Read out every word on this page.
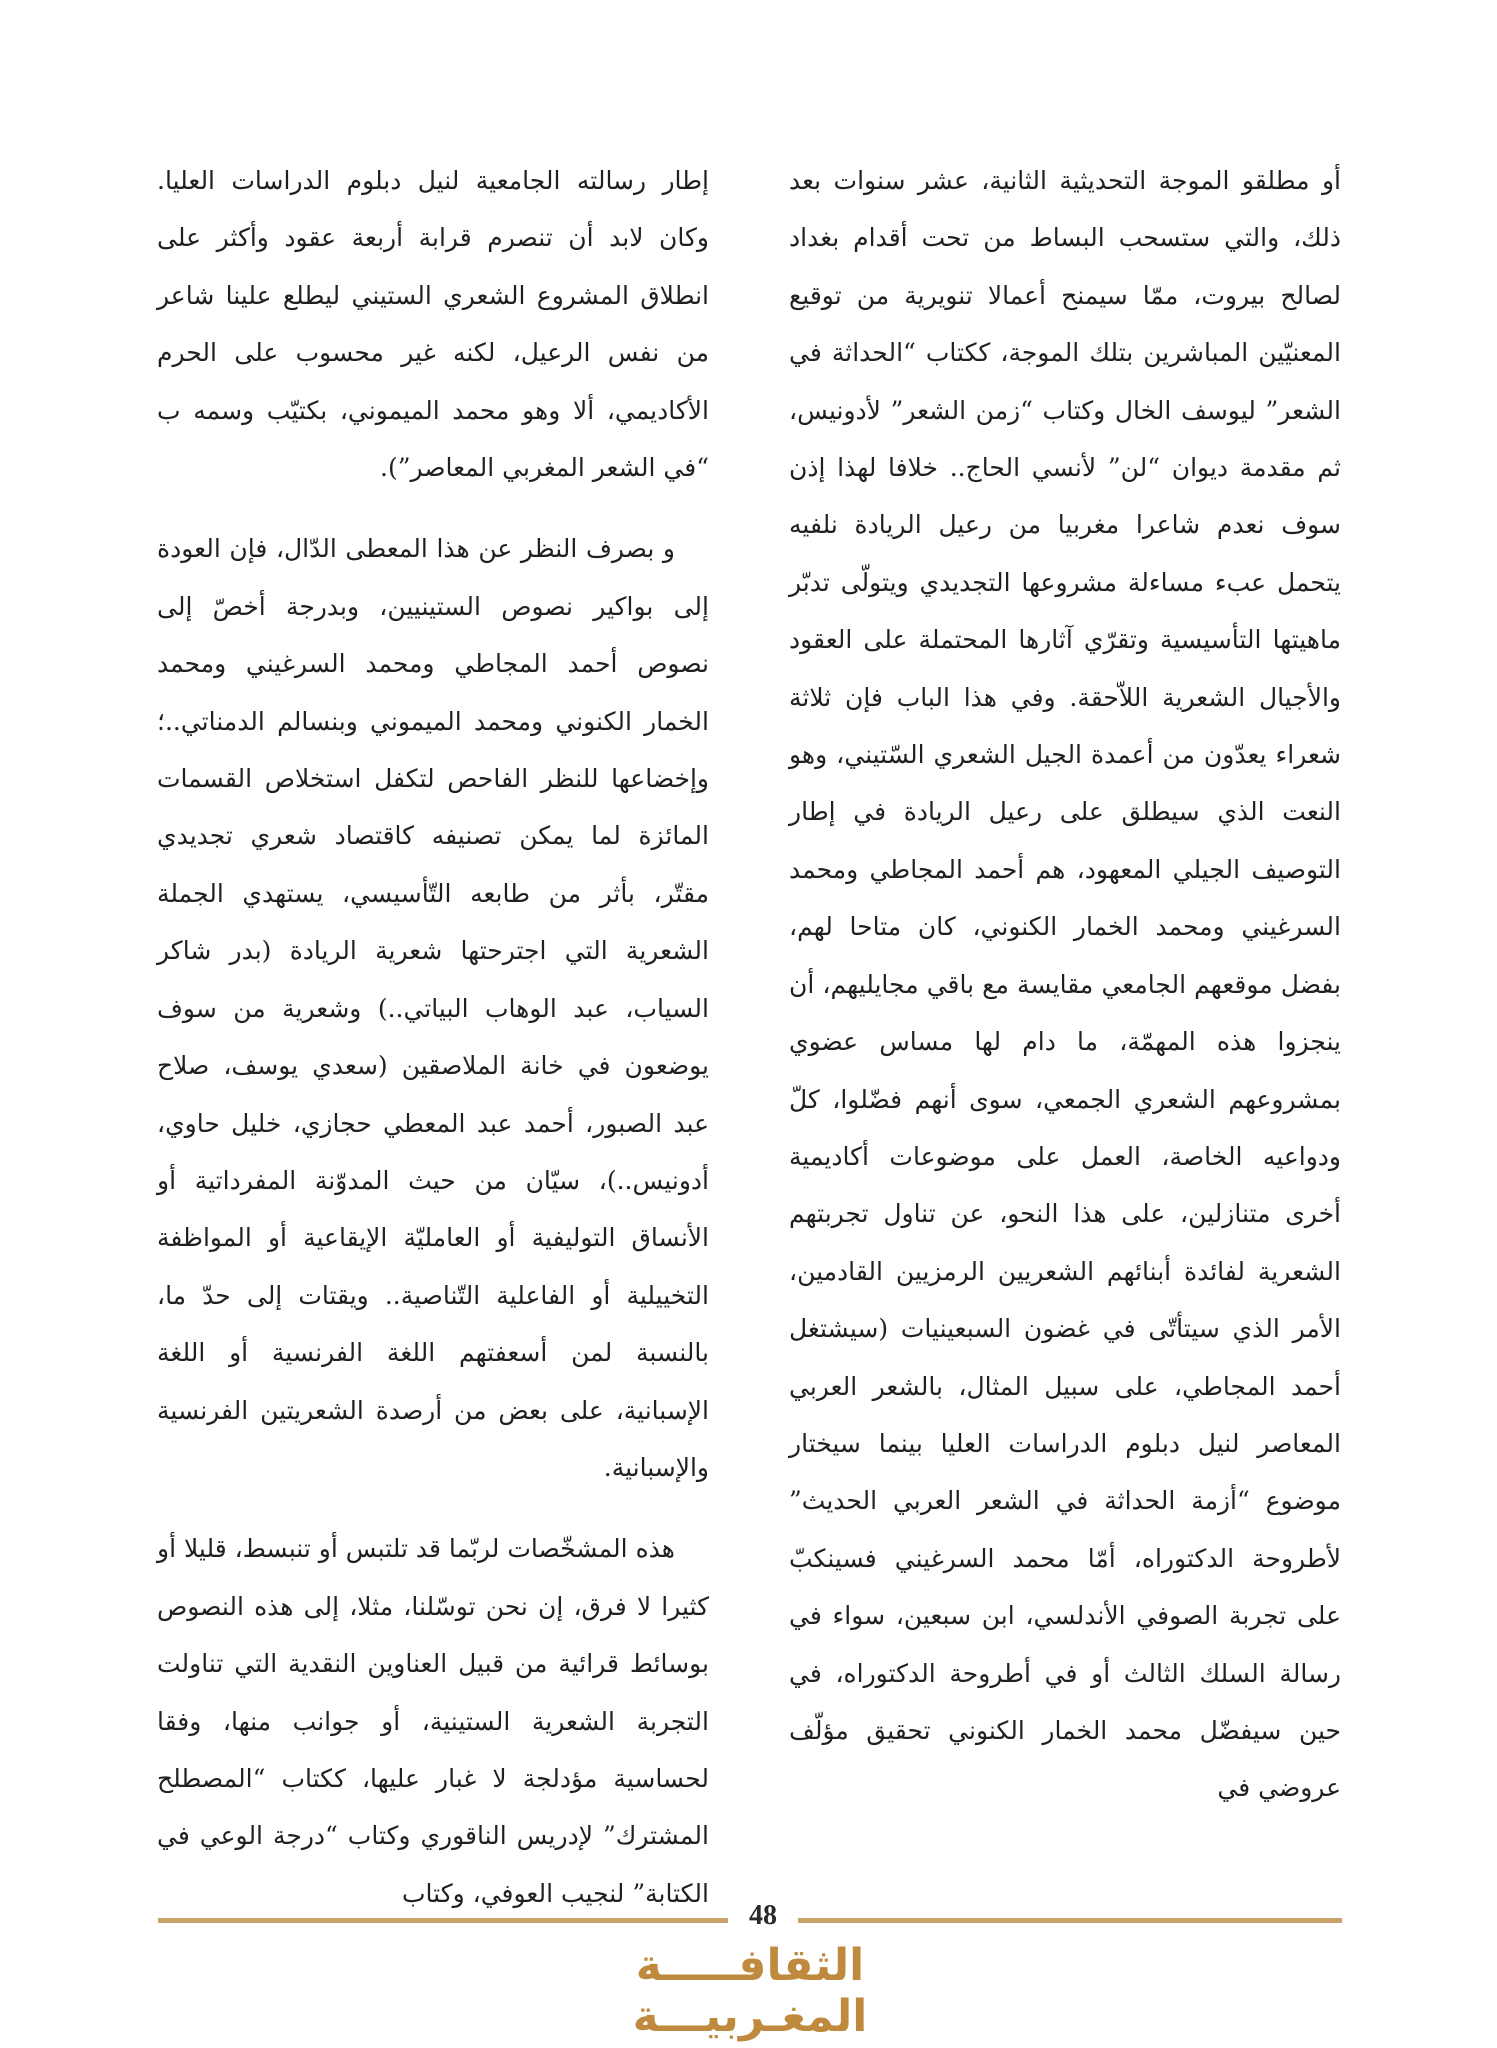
أو مطلقو الموجة التحديثية الثانية، عشر سنوات بعد ذلك، والتي ستسحب البساط من تحت أقدام بغداد لصالح بيروت، ممّا سيمنح أعمالا تنويرية من توقيع المعنيّين المباشرين بتلك الموجة، ككتاب “الحداثة في الشعر” ليوسف الخال وكتاب “زمن الشعر” لأدونيس، ثم مقدمة ديوان “لن” لأنسي الحاج.. خلافا لهذا إذن سوف نعدم شاعرا مغربيا من رعيل الريادة نلفيه يتحمل عبء مساءلة مشروعها التجديدي ويتولّى تدبّر ماهيتها التأسيسية وتقرّي آثارها المحتملة على العقود والأجيال الشعرية اللاّحقة. وفي هذا الباب فإن ثلاثة شعراء يعدّون من أعمدة الجيل الشعري السّتيني، وهو النعت الذي سيطلق على رعيل الريادة في إطار التوصيف الجيلي المعهود، هم أحمد المجاطي ومحمد السرغيني ومحمد الخمار الكنوني، كان متاحا لهم، بفضل موقعهم الجامعي مقايسة مع باقي مجايليهم، أن ينجزوا هذه المهمّة، ما دام لها مساس عضوي بمشروعهم الشعري الجمعي، سوى أنهم فضّلوا، كلّ ودواعيه الخاصة، العمل على موضوعات أكاديمية أخرى متنازلين، على هذا النحو، عن تناول تجربتهم الشعرية لفائدة أبنائهم الشعريين الرمزيين القادمين، الأمر الذي سيتأتّى في غضون السبعينيات (سيشتغل أحمد المجاطي، على سبيل المثال، بالشعر العربي المعاصر لنيل دبلوم الدراسات العليا بينما سيختار موضوع “أزمة الحداثة في الشعر العربي الحديث” لأطروحة الدكتوراه، أمّا محمد السرغيني فسينكبّ على تجربة الصوفي الأندلسي، ابن سبعين، سواء في رسالة السلك الثالث أو في أطروحة الدكتوراه، في حين سيفضّل محمد الخمار الكنوني تحقيق مؤلّف عروضي في

إطار رسالته الجامعية لنيل دبلوم الدراسات العليا. وكان لابد أن تنصرم قرابة أربعة عقود وأكثر على انطلاق المشروع الشعري الستيني ليطلع علينا شاعر من نفس الرعيل، لكنه غير محسوب على الحرم الأكاديمي، ألا وهو محمد الميموني، بكتيّب وسمه ب “في الشعر المغربي المعاصر”).

و بصرف النظر عن هذا المعطى الدّال، فإن العودة إلى بواكير نصوص الستينيين، وبدرجة أخصّ إلى نصوص أحمد المجاطي ومحمد السرغيني ومحمد الخمار الكنوني ومحمد الميموني وبنسالم الدمناتي..؛ وإخضاعها للنظر الفاحص لتكفل استخلاص القسمات المائزة لما يمكن تصنيفه كاقتصاد شعري تجديدي مقتّر، بأثر من طابعه التّأسيسي، يستهدي الجملة الشعرية التي اجترحتها شعرية الريادة (بدر شاكر السياب، عبد الوهاب البياتي..) وشعرية من سوف يوضعون في خانة الملاصقين (سعدي يوسف، صلاح عبد الصبور، أحمد عبد المعطي حجازي، خليل حاوي، أدونيس..)، سيّان من حيث المدوّنة المفرداتية أو الأنساق التوليفية أو العامليّة الإيقاعية أو المواظفة التخييلية أو الفاعلية التّناصية.. ويقتات إلى حدّ ما، بالنسبة لمن أسعفتهم اللغة الفرنسية أو اللغة الإسبانية، على بعض من أرصدة الشعريتين الفرنسية والإسبانية.

هذه المشخّصات لربّما قد تلتبس أو تنبسط، قليلا أو كثيرا لا فرق، إن نحن توسّلنا، مثلا، إلى هذه النصوص بوسائط قرائية من قبيل العناوين النقدية التي تناولت التجربة الشعرية الستينية، أو جوانب منها، وفقا لحساسية مؤدلجة لا غبار عليها، ككتاب “المصطلح المشترك” لإدريس الناقوري وكتاب “درجة الوعي في الكتابة” لنجيب العوفي، وكتاب

48
الثقافـــــة المغـربيـــة
